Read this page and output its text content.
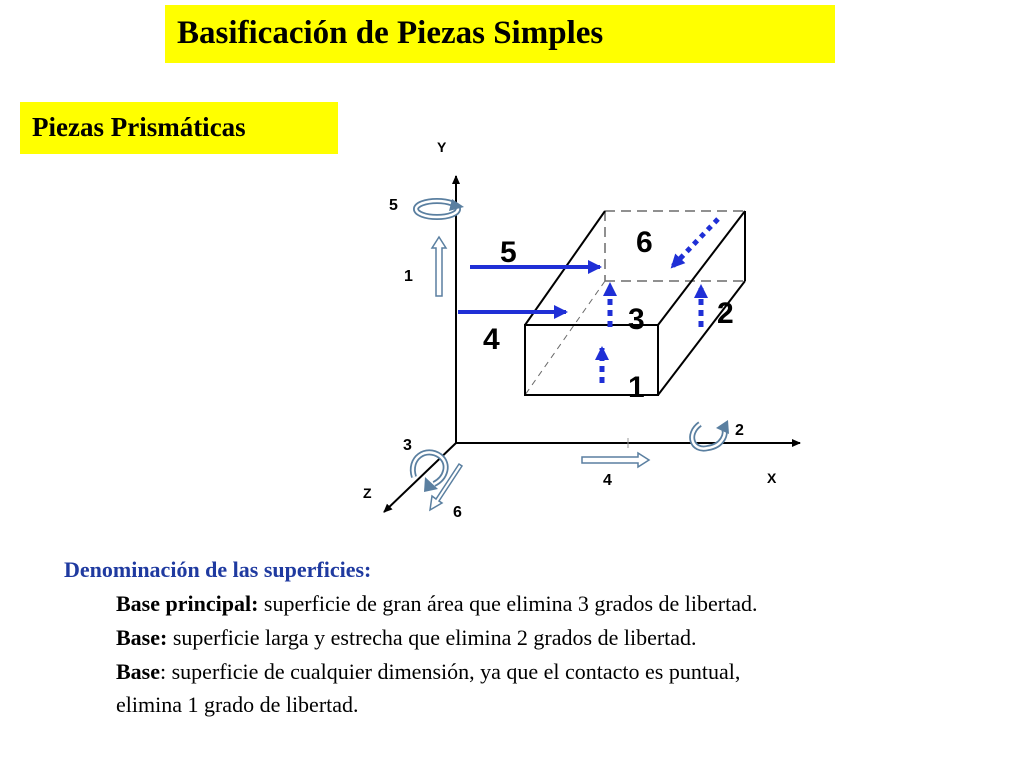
Basificación de Piezas Simples
Piezas Prismáticas
Y
X
Z
5
1
2
4
3
6
6
5
4
3 2
1
Denominación de las superficies:
Base principal: superficie de gran área que elimina 3 grados de libertad.
Base: superficie larga y estrecha que elimina 2 grados de libertad.
Base: superficie de cualquier dimensión, ya que el contacto es puntual,
elimina 1 grado de libertad.
